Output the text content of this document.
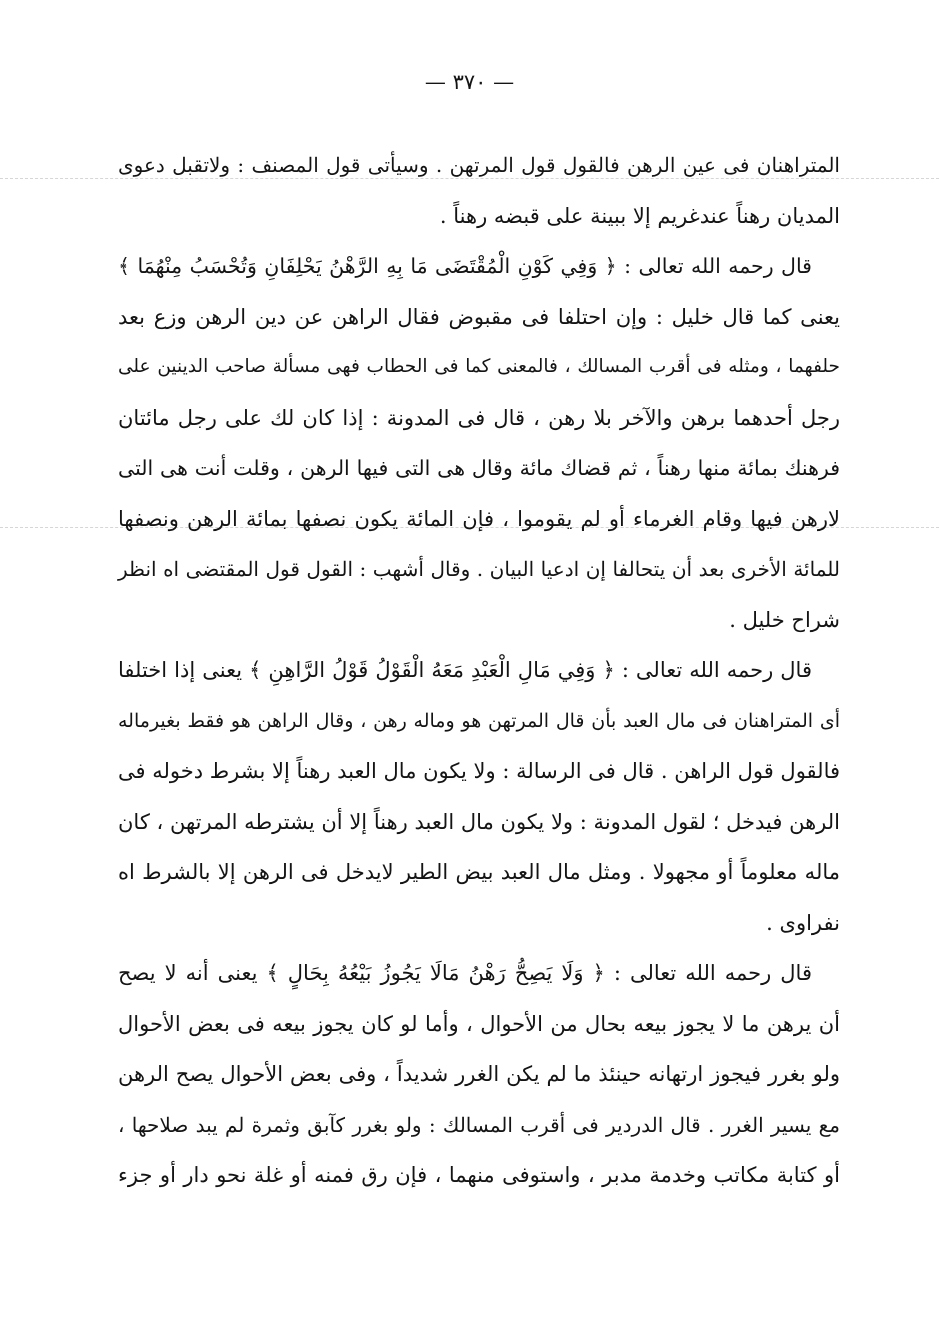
— ٣٧٠ —
المتراهنان فى عين الرهن فالقول قول المرتهن . وسيأتى قول المصنف : ولاتقبل دعوى
المديان رهناً عندغريم إلا ببينة على قبضه رهناً .
قال رحمه الله تعالى : ﴿ وَفِي كَوْنِ الْمُقْتَضَى مَا بِهِ الرَّهْنُ يَحْلِفَانِ وَتُحْسَبُ مِنْهُمَا ﴾
يعنى كما قال خليل : وإن احتلفا فى مقبوض فقال الراهن عن دين الرهن وزع بعد
حلفهما ، ومثله فى أقرب المسالك ، فالمعنى كما فى الحطاب فهى مسألة صاحب الدينين على
رجل أحدهما برهن والآخر بلا رهن ، قال فى المدونة : إذا كان لك على رجل مائتان
فرهنك بمائة منها رهناً ، ثم قضاك مائة وقال هى التى فيها الرهن ، وقلت أنت هى التى
لارهن فيها وقام الغرماء أو لم يقوموا ، فإن المائة يكون نصفها بمائة الرهن ونصفها
للمائة الأخرى بعد أن يتحالفا إن ادعيا البيان . وقال أشهب : القول قول المقتضى اه انظر
شراح خليل .
قال رحمه الله تعالى : ﴿ وَفِي مَالِ الْعَبْدِ مَعَهُ الْقَوْلُ قَوْلُ الرَّاهِنِ ﴾ يعنى إذا اختلفا
أى المتراهنان فى مال العبد بأن قال المرتهن هو وماله رهن ، وقال الراهن هو فقط بغيرماله
فالقول قول الراهن . قال فى الرسالة : ولا يكون مال العبد رهناً إلا بشرط دخوله فى
الرهن فيدخل ؛ لقول المدونة : ولا يكون مال العبد رهناً إلا أن يشترطه المرتهن ، كان
ماله معلوماً أو مجهولا . ومثل مال العبد بيض الطير لايدخل فى الرهن إلا بالشرط اه
نفراوى .
قال رحمه الله تعالى : ﴿ وَلَا يَصِحُّ رَهْنُ مَالَا يَجُوزُ بَيْعُهُ بِحَالٍ ﴾ يعنى أنه لا يصح
أن يرهن ما لا يجوز بيعه بحال من الأحوال ، وأما لو كان يجوز بيعه فى بعض الأحوال
ولو بغرر فيجوز ارتهانه حينئذ ما لم يكن الغرر شديداً ، وفى بعض الأحوال يصح الرهن
مع يسير الغرر . قال الدردير فى أقرب المسالك : ولو بغرر كآبق وثمرة لم يبد صلاحها ،
أو كتابة مكاتب وخدمة مدبر ، واستوفى منهما ، فإن رق فمنه أو غلة نحو دار أو جزء
